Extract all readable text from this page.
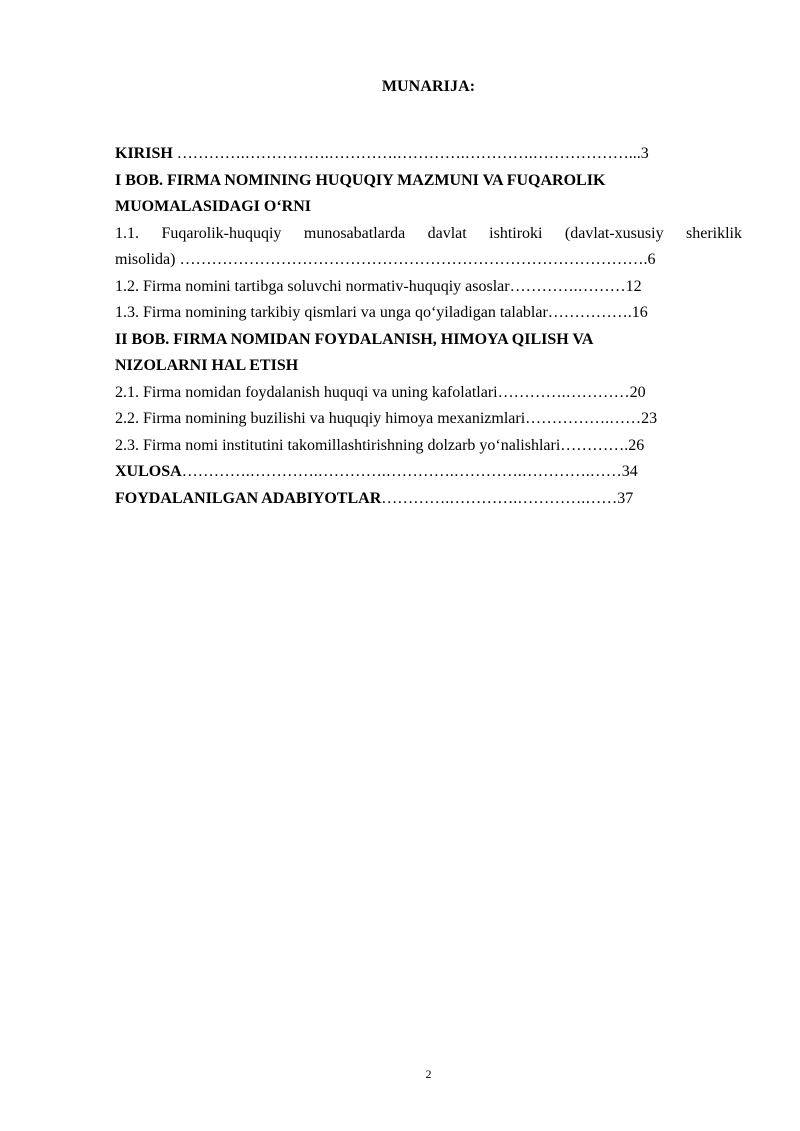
MUNARIJA:
KIRISH ………….…………….………….………….………….………………...3
I BOB. FIRMA NOMINING HUQUQIY MAZMUNI VA FUQAROLIK
MUOMALASIDAGI O‘RNI
1.1. Fuqarolik-huquqiy munosabatlarda davlat ishtiroki (davlat-xususiy sheriklik
misolida) …………………………………………………………………………….6
1.2. Firma nomini tartibga soluvchi normativ-huquqiy asoslar………….………12
1.3. Firma nomining tarkibiy qismlari va unga qo‘yiladigan talablar…………….16
II BOB. FIRMA NOMIDAN FOYDALANISH, HIMOYA QILISH VA
NIZOLARNI HAL ETISH
2.1. Firma nomidan foydalanish huquqi va uning kafolatlari………….…………20
2.2. Firma nomining buzilishi va huquqiy himoya mexanizmlari…………….……23
2.3. Firma nomi institutini takomillashtirishning dolzarb yo‘nalishlari………….26
XULOSA………….………….………….………….………….………….……34
FOYDALANILGAN ADABIYOTLAR………….………….………….……37
2
